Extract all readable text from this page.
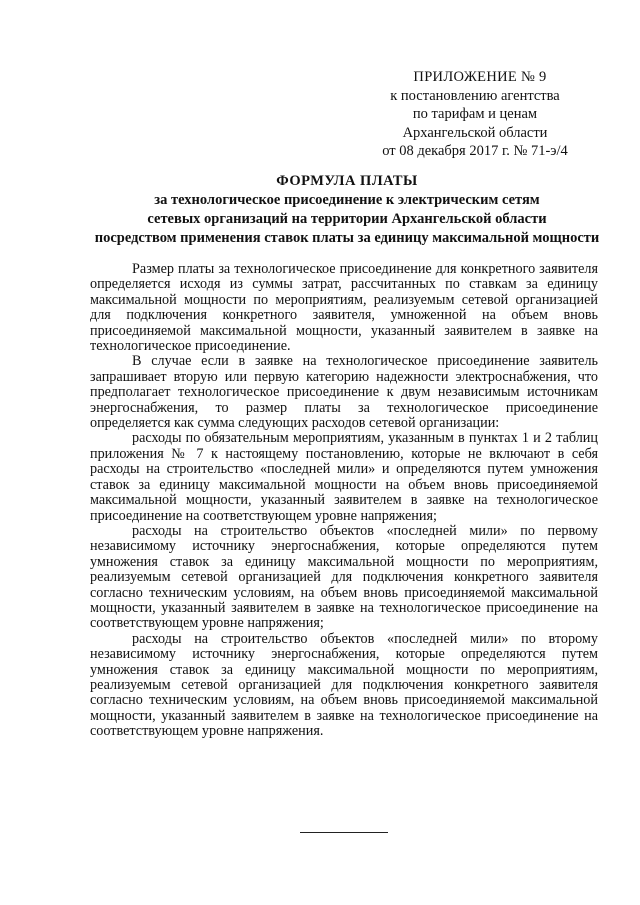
ПРИЛОЖЕНИЕ № 9
к постановлению агентства
по тарифам и ценам
Архангельской области
от 08 декабря 2017 г. № 71-э/4
ФОРМУЛА ПЛАТЫ
за технологическое присоединение к электрическим сетям
сетевых организаций на территории Архангельской области
посредством применения ставок платы за единицу максимальной мощности

Размер платы за технологическое присоединение для конкретного заявителя определяется исходя из суммы затрат, рассчитанных по ставкам за единицу максимальной мощности по мероприятиям, реализуемым сетевой организацией для подключения конкретного заявителя, умноженной на объем вновь присоединяемой максимальной мощности, указанный заявителем в заявке на технологическое присоединение.

В случае если в заявке на технологическое присоединение заявитель запрашивает вторую или первую категорию надежности электроснабжения, что предполагает технологическое присоединение к двум независимым источникам энергоснабжения, то размер платы за технологическое присоединение определяется как сумма следующих расходов сетевой организации:

расходы по обязательным мероприятиям, указанным в пунктах 1 и 2 таблиц приложения № 7 к настоящему постановлению, которые не включают в себя расходы на строительство «последней мили» и определяются путем умножения ставок за единицу максимальной мощности на объем вновь присоединяемой максимальной мощности, указанный заявителем в заявке на технологическое присоединение на соответствующем уровне напряжения;

расходы на строительство объектов «последней мили» по первому независимому источнику энергоснабжения, которые определяются путем умножения ставок за единицу максимальной мощности по мероприятиям, реализуемым сетевой организацией для подключения конкретного заявителя согласно техническим условиям, на объем вновь присоединяемой максимальной мощности, указанный заявителем в заявке на технологическое присоединение на соответствующем уровне напряжения;

расходы на строительство объектов «последней мили» по второму независимому источнику энергоснабжения, которые определяются путем умножения ставок за единицу максимальной мощности по мероприятиям, реализуемым сетевой организацией для подключения конкретного заявителя согласно техническим условиям, на объем вновь присоединяемой максимальной мощности, указанный заявителем в заявке на технологическое присоединение на соответствующем уровне напряжения.
